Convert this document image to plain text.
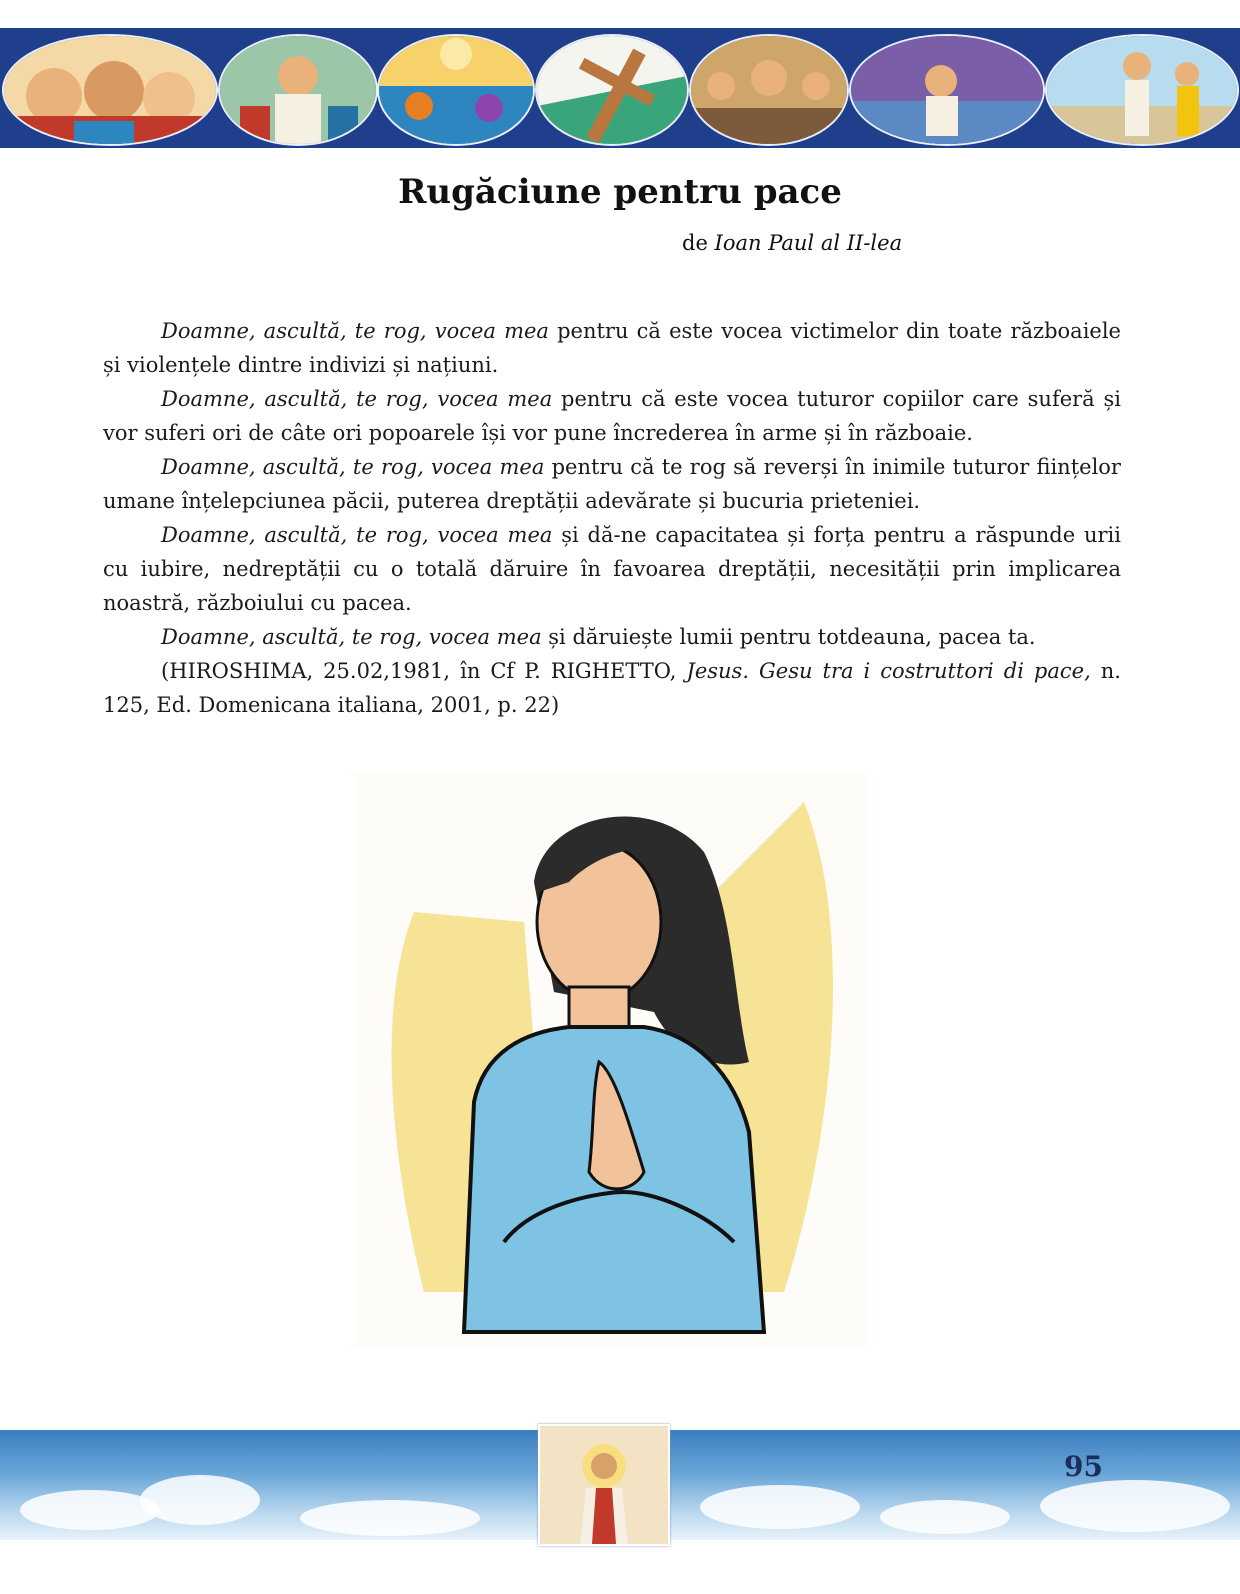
Rugăciune pentru pace
de Ioan Paul al II-lea

Doamne, ascultă, te rog, vocea mea pentru că este vocea victimelor din toate războaiele și violențele dintre indivizi și națiuni.

Doamne, ascultă, te rog, vocea mea pentru că este vocea tuturor copiilor care suferă și vor suferi ori de câte ori popoarele își vor pune încrederea în arme și în războaie.

Doamne, ascultă, te rog, vocea mea pentru că te rog să reverși în inimile tuturor ființelor umane înțelepciunea păcii, puterea dreptății adevărate și bucuria prieteniei.

Doamne, ascultă, te rog, vocea mea și dă-ne capacitatea și forța pentru a răspunde urii cu iubire, nedreptății cu o totală dăruire în favoarea dreptății, necesității prin implicarea noastră, războiului cu pacea.

Doamne, ascultă, te rog, vocea mea și dăruiește lumii pentru totdeauna, pacea ta.

(HIROSHIMA, 25.02,1981, în Cf P. RIGHETTO, Jesus. Gesu tra i costruttori di pace, n. 125, Ed. Domenicana italiana, 2001, p. 22)

95
